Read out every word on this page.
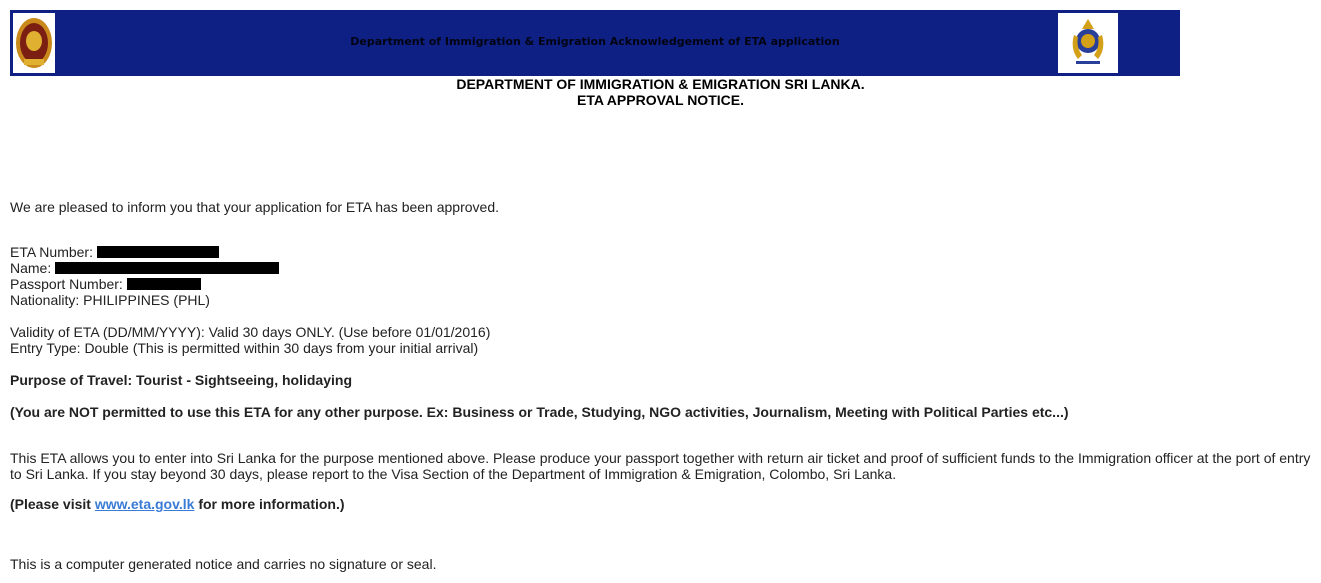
Department of Immigration & Emigration Acknowledgement of ETA application
DEPARTMENT OF IMMIGRATION & EMIGRATION SRI LANKA.
ETA APPROVAL NOTICE.
We are pleased to inform you that your application for ETA has been approved.
ETA Number:
Name:
Passport Number:
Nationality: PHILIPPINES (PHL)
Validity of ETA (DD/MM/YYYY): Valid 30 days ONLY. (Use before 01/01/2016)
Entry Type: Double (This is permitted within 30 days from your initial arrival)
Purpose of Travel: Tourist - Sightseeing, holidaying
(You are NOT permitted to use this ETA for any other purpose. Ex: Business or Trade, Studying, NGO activities, Journalism, Meeting with Political Parties etc...)
This ETA allows you to enter into Sri Lanka for the purpose mentioned above. Please produce your passport together with return air ticket and proof of sufficient funds to the Immigration officer at the port of entry to Sri Lanka. If you stay beyond 30 days, please report to the Visa Section of the Department of Immigration & Emigration, Colombo, Sri Lanka.
(Please visit www.eta.gov.lk for more information.)
This is a computer generated notice and carries no signature or seal.
